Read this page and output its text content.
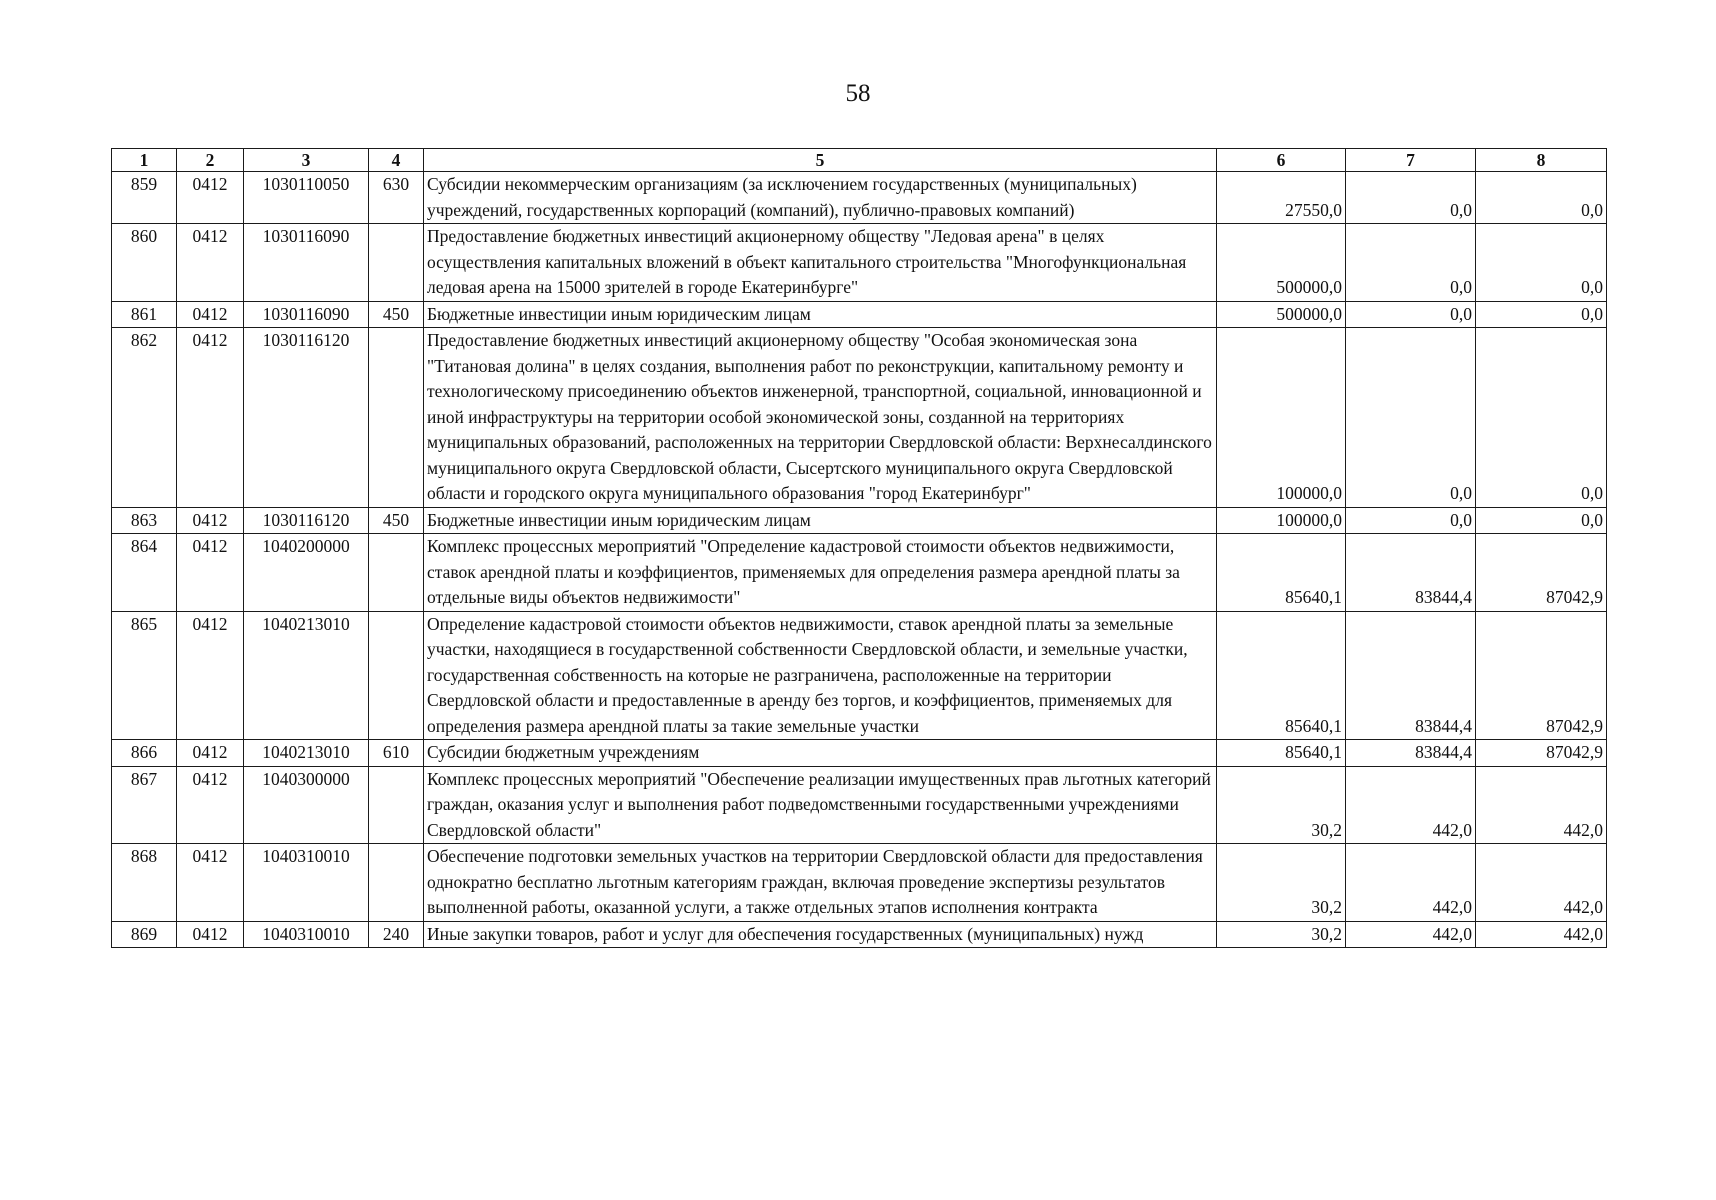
58
1	2	3	4	5	6	7	8
859	0412	1030110050	630	Субсидии некоммерческим организациям (за исключением государственных (муниципальных) учреждений, государственных корпораций (компаний), публично-правовых компаний)	27550,0	0,0	0,0
860	0412	1030116090		Предоставление бюджетных инвестиций акционерному обществу "Ледовая арена" в целях осуществления капитальных вложений в объект капитального строительства "Многофункциональная ледовая арена на 15000 зрителей в городе Екатеринбурге"	500000,0	0,0	0,0
861	0412	1030116090	450	Бюджетные инвестиции иным юридическим лицам	500000,0	0,0	0,0
862	0412	1030116120		Предоставление бюджетных инвестиций акционерному обществу "Особая экономическая зона "Титановая долина" в целях создания, выполнения работ по реконструкции, капитальному ремонту и технологическому присоединению объектов инженерной, транспортной, социальной, инновационной и иной инфраструктуры на территории особой экономической зоны, созданной на территориях муниципальных образований, расположенных на территории Свердловской области: Верхнесалдинского муниципального округа Свердловской области, Сысертского муниципального округа Свердловской области и городского округа муниципального образования "город Екатеринбург"	100000,0	0,0	0,0
863	0412	1030116120	450	Бюджетные инвестиции иным юридическим лицам	100000,0	0,0	0,0
864	0412	1040200000		Комплекс процессных мероприятий "Определение кадастровой стоимости объектов недвижимости, ставок арендной платы и коэффициентов, применяемых для определения размера арендной платы за отдельные виды объектов недвижимости"	85640,1	83844,4	87042,9
865	0412	1040213010		Определение кадастровой стоимости объектов недвижимости, ставок арендной платы за земельные участки, находящиеся в государственной собственности Свердловской области, и земельные участки, государственная собственность на которые не разграничена, расположенные на территории Свердловской области и предоставленные в аренду без торгов, и коэффициентов, применяемых для определения размера арендной платы за такие земельные участки	85640,1	83844,4	87042,9
866	0412	1040213010	610	Субсидии бюджетным учреждениям	85640,1	83844,4	87042,9
867	0412	1040300000		Комплекс процессных мероприятий "Обеспечение реализации имущественных прав льготных категорий граждан, оказания услуг и выполнения работ подведомственными государственными учреждениями Свердловской области"	30,2	442,0	442,0
868	0412	1040310010		Обеспечение подготовки земельных участков на территории Свердловской области для предоставления однократно бесплатно льготным категориям граждан, включая проведение экспертизы результатов выполненной работы, оказанной услуги, а также отдельных этапов исполнения контракта	30,2	442,0	442,0
869	0412	1040310010	240	Иные закупки товаров, работ и услуг для обеспечения государственных (муниципальных) нужд	30,2	442,0	442,0
